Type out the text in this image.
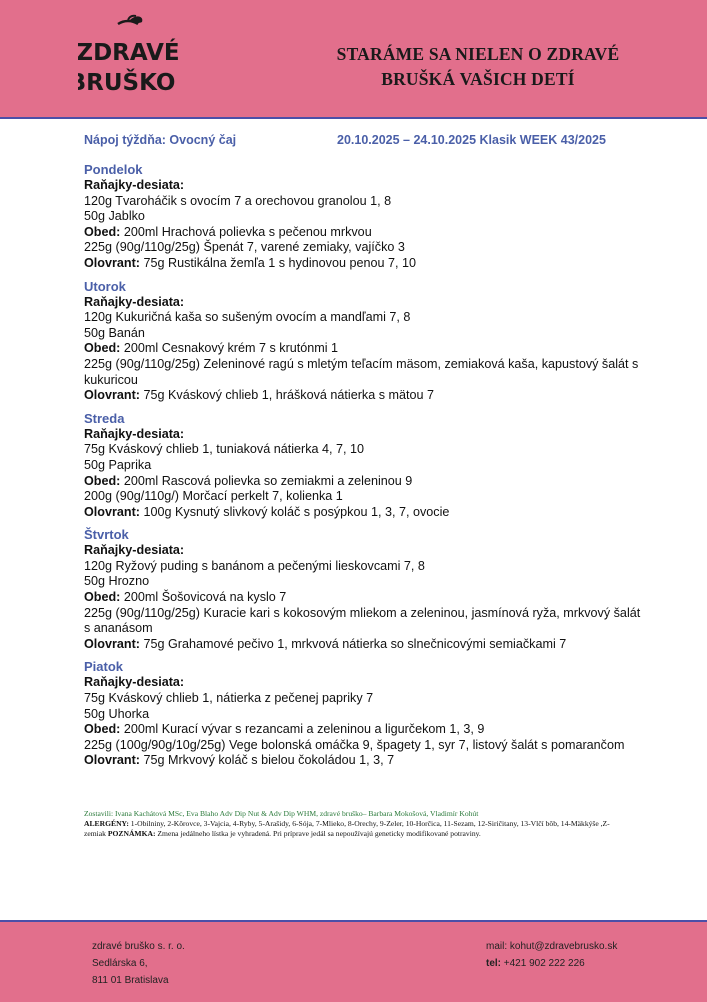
ZDRAVÉ
BRUŠKO
STARÁME SA NIELEN O ZDRAVÉ
BRUŠKÁ VAŠICH DETÍ
Nápoj týždňa: Ovocný čaj	20.10.2025 – 24.10.2025 Klasik WEEK 43/2025
Pondelok
Raňajky-desiata:
120g Tvaroháčik s ovocím 7 a orechovou granolou 1, 8
50g Jablko
Obed: 200ml Hrachová polievka s pečenou mrkvou
225g (90g/110g/25g) Špenát 7, varené zemiaky, vajíčko 3
Olovrant: 75g Rustikálna žemľa 1 s hydinovou penou 7, 10
Utorok
Raňajky-desiata:
120g Kukuričná kaša so sušeným ovocím a mandľami 7, 8
50g Banán
Obed: 200ml Cesnakový krém 7 s krutónmi 1
225g (90g/110g/25g) Zeleninové ragú s mletým teľacím mäsom, zemiaková kaša, kapustový šalát s kukuricou
Olovrant: 75g Kváskový chlieb 1, hrášková nátierka s mätou 7
Streda
Raňajky-desiata:
75g Kváskový chlieb 1, tuniaková nátierka 4, 7, 10
50g Paprika
Obed: 200ml Rascová polievka so zemiakmi a zeleninou 9
200g (90g/110g/) Morčací perkelt 7, kolienka 1
Olovrant: 100g Kysnutý slivkový koláč s posýpkou 1, 3, 7, ovocie
Štvrtok
Raňajky-desiata:
120g Ryžový puding s banánom a pečenými lieskovcami 7, 8
50g Hrozno
Obed: 200ml Šošovicová na kyslo 7
225g (90g/110g/25g) Kuracie kari s kokosovým mliekom a zeleninou, jasmínová ryža, mrkvový šalát s ananásom
Olovrant: 75g Grahamové pečivo 1, mrkvová nátierka so slnečnicovými semiačkami 7
Piatok
Raňajky-desiata:
75g Kváskový chlieb 1, nátierka z pečenej papriky 7
50g Uhorka
Obed: 200ml Kurací vývar s rezancami a zeleninou a ligurčekom 1, 3, 9
225g (100g/90g/10g/25g) Vege bolonská omáčka 9, špagety 1, syr 7, listový šalát s pomarančom
Olovrant: 75g Mrkvový koláč s bielou čokoládou 1, 3, 7
Zostavili: Ivana Kachátová MSc, Eva Blaho Adv Dip Nut & Adv Dip WHM, zdravé bruško– Barbara Mokošová, Vladimír Kohút
ALERGÉNY: 1-Obilniny, 2-Kôrovce, 3-Vajcia, 4-Ryby, 5-Arašidy, 6-Sója, 7-Mlieko, 8-Orechy, 9-Zeler, 10-Horčica, 11-Sezam, 12-Siričitany, 13-Vlčí bôb, 14-Mäkkýše ,Z-zemiak POZNÁMKA: Zmena jedálneho lístka je vyhradená. Pri príprave jedál sa nepoužívajú geneticky modifikované potraviny.
zdravé bruško s. r. o.
Sedlárska 6,
811 01 Bratislava
mail: kohut@zdravebrusko.sk
tel: +421 902 222 226
